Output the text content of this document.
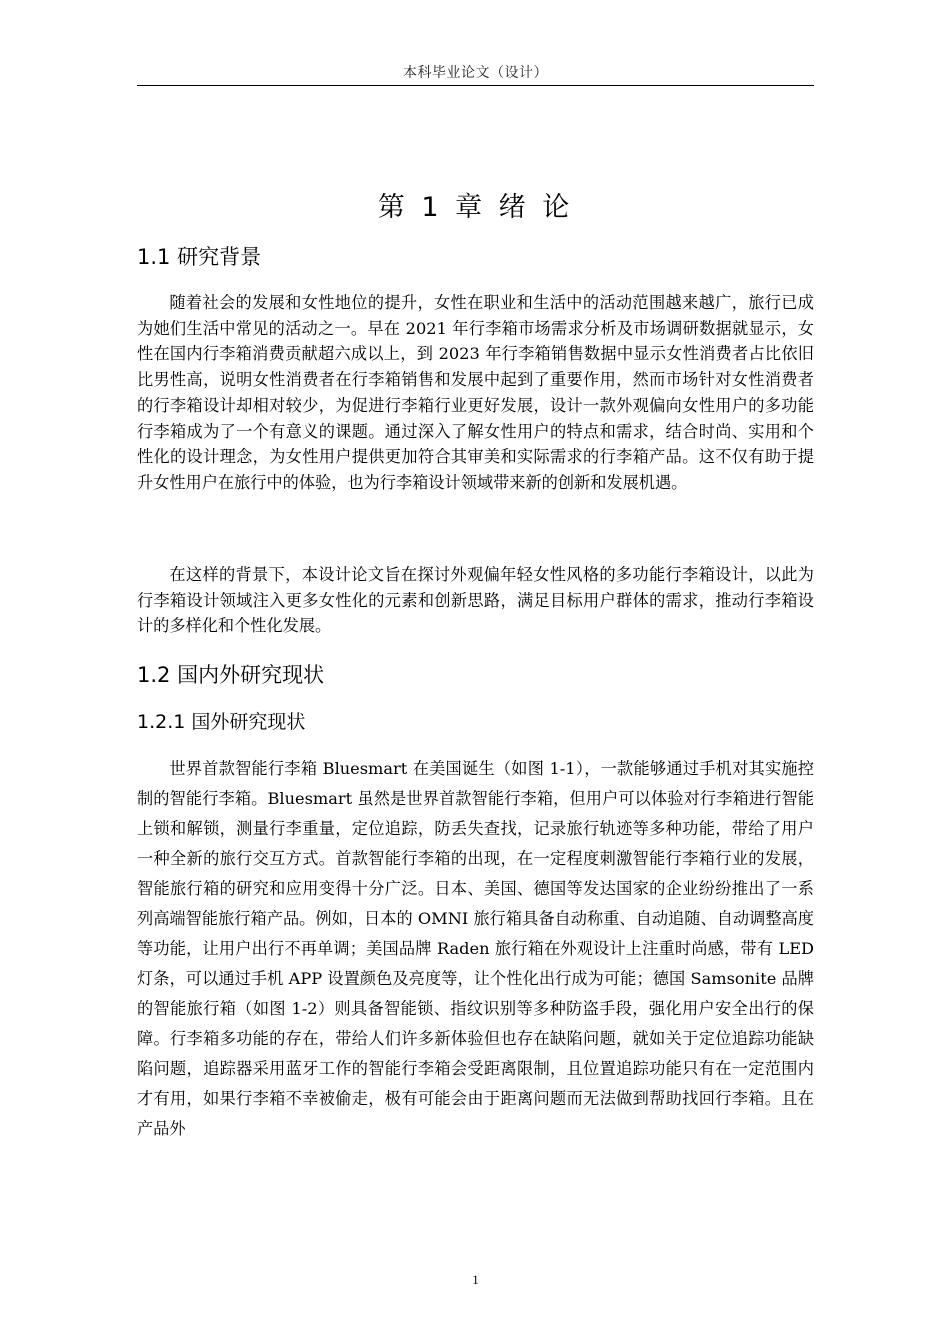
本科毕业论文（设计）
第 1 章 绪 论
1.1 研究背景

随着社会的发展和女性地位的提升，女性在职业和生活中的活动范围越来越广，旅行已成为她们生活中常见的活动之一。早在 2021 年行李箱市场需求分析及市场调研数据就显示，女性在国内行李箱消费贡献超六成以上，到 2023 年行李箱销售数据中显示女性消费者占比依旧比男性高，说明女性消费者在行李箱销售和发展中起到了重要作用，然而市场针对女性消费者的行李箱设计却相对较少，为促进行李箱行业更好发展，设计一款外观偏向女性用户的多功能行李箱成为了一个有意义的课题。通过深入了解女性用户的特点和需求，结合时尚、实用和个性化的设计理念，为女性用户提供更加符合其审美和实际需求的行李箱产品。这不仅有助于提升女性用户在旅行中的体验，也为行李箱设计领域带来新的创新和发展机遇。

在这样的背景下，本设计论文旨在探讨外观偏年轻女性风格的多功能行李箱设计，以此为行李箱设计领域注入更多女性化的元素和创新思路，满足目标用户群体的需求，推动行李箱设计的多样化和个性化发展。

1.2 国内外研究现状
1.2.1 国外研究现状

世界首款智能行李箱 Bluesmart 在美国诞生（如图 1-1），一款能够通过手机对其实施控制的智能行李箱。Bluesmart 虽然是世界首款智能行李箱，但用户可以体验对行李箱进行智能上锁和解锁，测量行李重量，定位追踪，防丢失查找，记录旅行轨迹等多种功能，带给了用户一种全新的旅行交互方式。首款智能行李箱的出现，在一定程度刺激智能行李箱行业的发展，智能旅行箱的研究和应用变得十分广泛。日本、美国、德国等发达国家的企业纷纷推出了一系列高端智能旅行箱产品。例如，日本的 OMNI 旅行箱具备自动称重、自动追随、自动调整高度等功能，让用户出行不再单调；美国品牌 Raden 旅行箱在外观设计上注重时尚感，带有 LED 灯条，可以通过手机 APP 设置颜色及亮度等，让个性化出行成为可能；德国 Samsonite 品牌的智能旅行箱（如图 1-2）则具备智能锁、指纹识别等多种防盗手段，强化用户安全出行的保障。行李箱多功能的存在，带给人们许多新体验但也存在缺陷问题，就如关于定位追踪功能缺陷问题，追踪器采用蓝牙工作的智能行李箱会受距离限制，且位置追踪功能只有在一定范围内才有用，如果行李箱不幸被偷走，极有可能会由于距离问题而无法做到帮助找回行李箱。且在产品外

1
